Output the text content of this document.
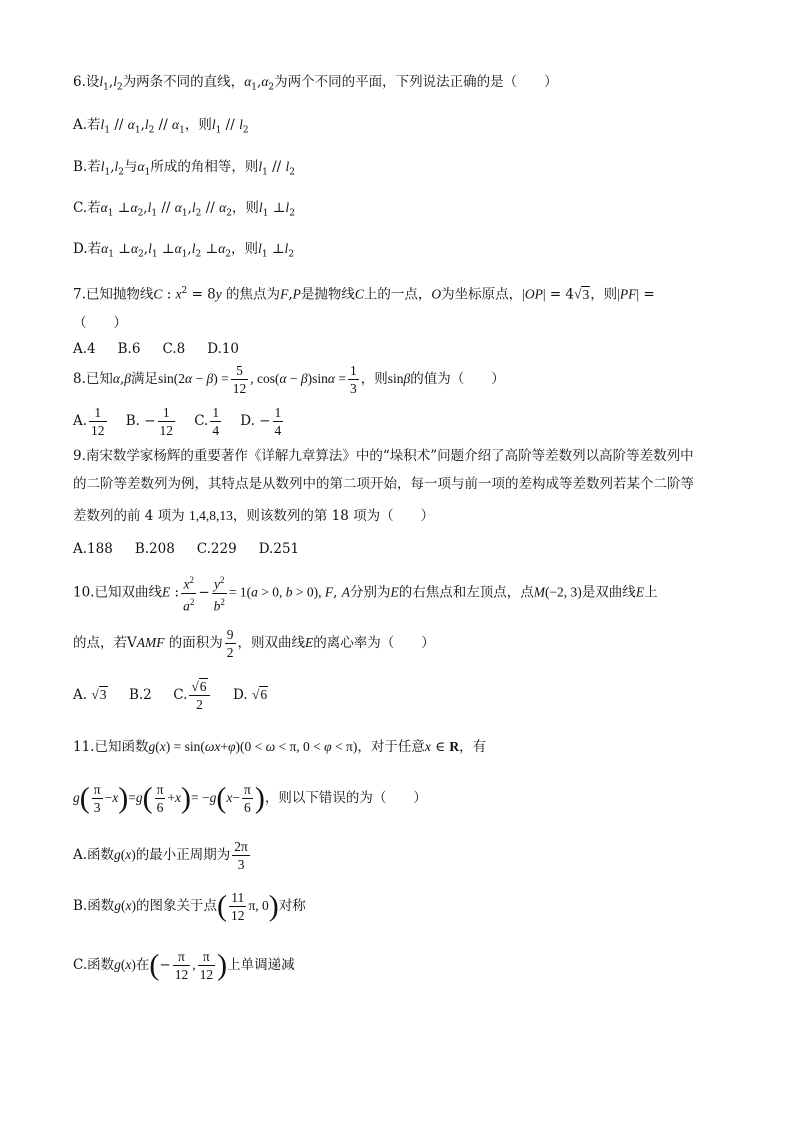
6.设$l_1,l_2$为两条不同的直线，$\alpha_1,\alpha_2$为两个不同的平面，下列说法正确的是（　　）
A.若$l_1 // \alpha_1,l_2 // \alpha_1$，则$l_1 // l_2$
B.若$l_1,l_2$与$\alpha_1$所成的角相等，则$l_1 // l_2$
C.若$\alpha_1$ $\perp\alpha_2,l_1 // \alpha_1,l_2 // \alpha_2$，则$l_1$ $\perp l_2$
D.若$\alpha_1$ $\perp\alpha_2,l_1$ $\perp\alpha_1,l_2$ $\perp\alpha_2$，则$l_1$ $\perp l_2$
7.已知抛物线C : $x^2 = 8y$ 的焦点为F,P是抛物线C上的一点，O为坐标原点，|OP| = 4√3，则|PF| =
（　　）
A.4 B.6 C.8 D.10
8.已知α,β满足$\sin(2\alpha - \beta) = \frac{5}{12}$ , $\cos(\alpha - \beta)\sin\alpha = \frac{1}{3}$ ，则sinβ的值为（　　）
A. $\frac{1}{12} B$. − $\frac{1}{12} C$. $\frac{1}{4} D$. − $\frac{1}{4}$
9.南宋数学家杨辉的重要著作《详解九章算法》中的“垛积术”问题介绍了高阶等差数列以高阶等差数列中
的二阶等差数列为例，其特点是从数列中的第二项开始，每一项与前一项的差构成等差数列若某个二阶等
差数列的前 4 项为 1,4,8,13，则该数列的第 18 项为（　　）
A.188 B.208 C.229 D.251
10.已知双曲线E : $\frac{x^2}{a^2} - \frac{y^2}{b^2} = 1(a > 0$, b > 0), F, A分别为E的右焦点和左顶点，点M(−2, 3)是双曲线E上
的点，若VAMF 的面积为 $\frac{9}{2}$ ，则双曲线E的离心率为（　　）
A. √3     B.2     C. $\frac{√6}{2} D$. √6
11.已知函数g(x) = sin(ωx+φ)(0 < ω < π, 0 < φ < π)，对于任意x ∈ R，有
$g( \frac{\pi}{3} -x)=g( \frac{\pi}{6} +x)= -g(x- \frac{\pi}{6}$ )，则以下错误的为（　　）
A.函数g(x)的最小正周期为 $\frac{2\pi}{3}$
B.函数g(x)的图象关于点( $\frac{11}{12} \pi$, 0)对称
C.函数g(x)在(− $\frac{\pi}{12}$ , $\frac{\pi}{12}$ )上单调递减
